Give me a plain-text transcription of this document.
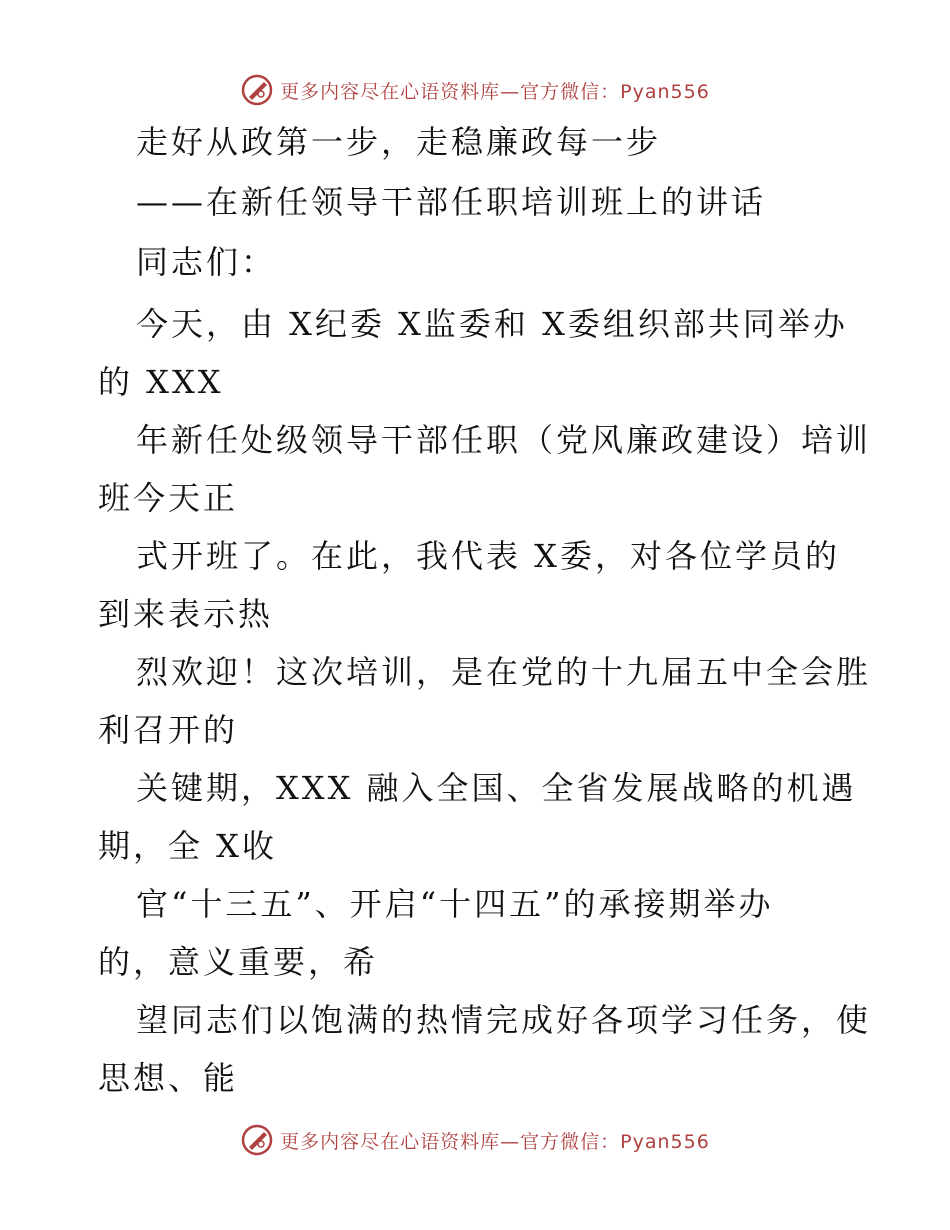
更多内容尽在心语资料库—官方微信：Pyan556
走好从政第一步，走稳廉政每一步
——在新任领导干部任职培训班上的讲话
同志们：
今天，由 X纪委 X监委和 X委组织部共同举办
的 XXX
年新任处级领导干部任职（党风廉政建设）培训
班今天正
式开班了。在此，我代表 X委，对各位学员的
到来表示热
烈欢迎！这次培训，是在党的十九届五中全会胜
利召开的
关键期，XXX 融入全国、全省发展战略的机遇
期，全 X收
官“十三五”、开启“十四五”的承接期举办
的，意义重要，希
望同志们以饱满的热情完成好各项学习任务，使
思想、能
更多内容尽在心语资料库—官方微信：Pyan556
